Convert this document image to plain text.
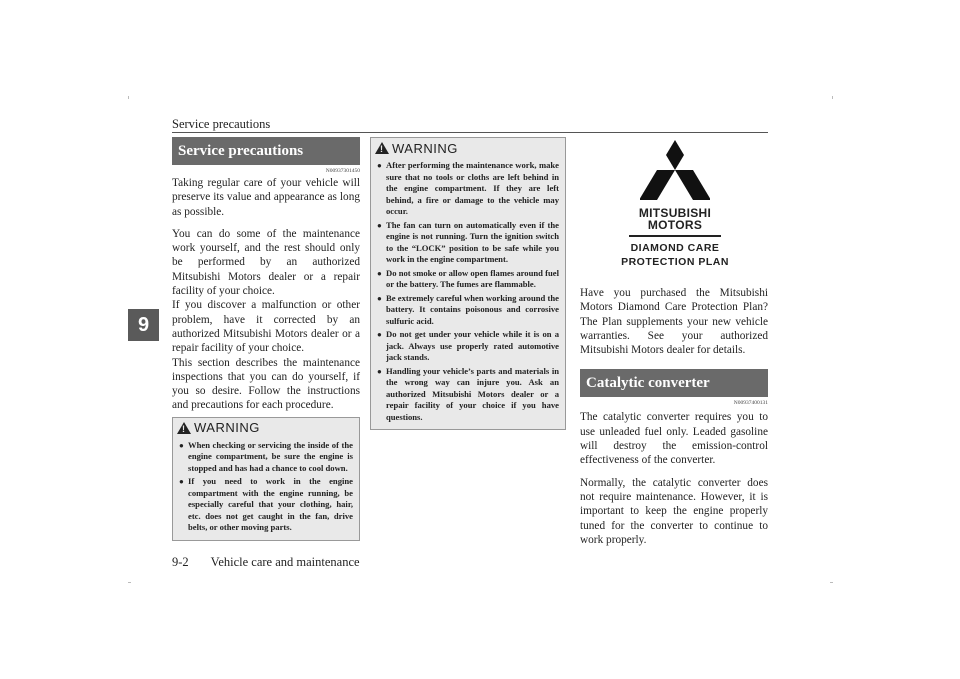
Service precautions
9
Service precautions
N00937301450

Taking regular care of your vehicle will preserve its value and appearance as long as possible.

You can do some of the maintenance work yourself, and the rest should only be performed by an authorized Mitsubishi Motors dealer or a repair facility of your choice.

If you discover a malfunction or other problem, have it corrected by an authorized Mitsubishi Motors dealer or a repair facility of your choice.

This section describes the maintenance inspections that you can do yourself, if you so desire. Follow the instructions and precautions for each procedure.

!
WARNING
● When checking or servicing the inside of the engine compartment, be sure the engine is stopped and has had a chance to cool down.
● If you need to work in the engine compartment with the engine running, be especially careful that your clothing, hair, etc. does not get caught in the fan, drive belts, or other moving parts.
!
WARNING
● After performing the maintenance work, make sure that no tools or cloths are left behind in the engine compartment. If they are left behind, a fire or damage to the vehicle may occur.
● The fan can turn on automatically even if the engine is not running. Turn the ignition switch to the “LOCK” position to be safe while you work in the engine compartment.
● Do not smoke or allow open flames around fuel or the battery. The fumes are flammable.
● Be extremely careful when working around the battery. It contains poisonous and corrosive sulfuric acid.
● Do not get under your vehicle while it is on a jack. Always use properly rated automotive jack stands.
● Handling your vehicle’s parts and materials in the wrong way can injure you. Ask an authorized Mitsubishi Motors dealer or a repair facility of your choice if you have questions.
MITSUBISHI
MOTORS
DIAMOND CARE
PROTECTION PLAN
Have you purchased the Mitsubishi Motors Diamond Care Protection Plan? The Plan supplements your new vehicle warranties. See your authorized Mitsubishi Motors dealer for details.
Catalytic converter
N00937400131

The catalytic converter requires you to use unleaded fuel only. Leaded gasoline will destroy the emission-control effectiveness of the converter.

Normally, the catalytic converter does not require maintenance. However, it is important to keep the engine properly tuned for the converter to continue to work properly.

9-2 Vehicle care and maintenance
